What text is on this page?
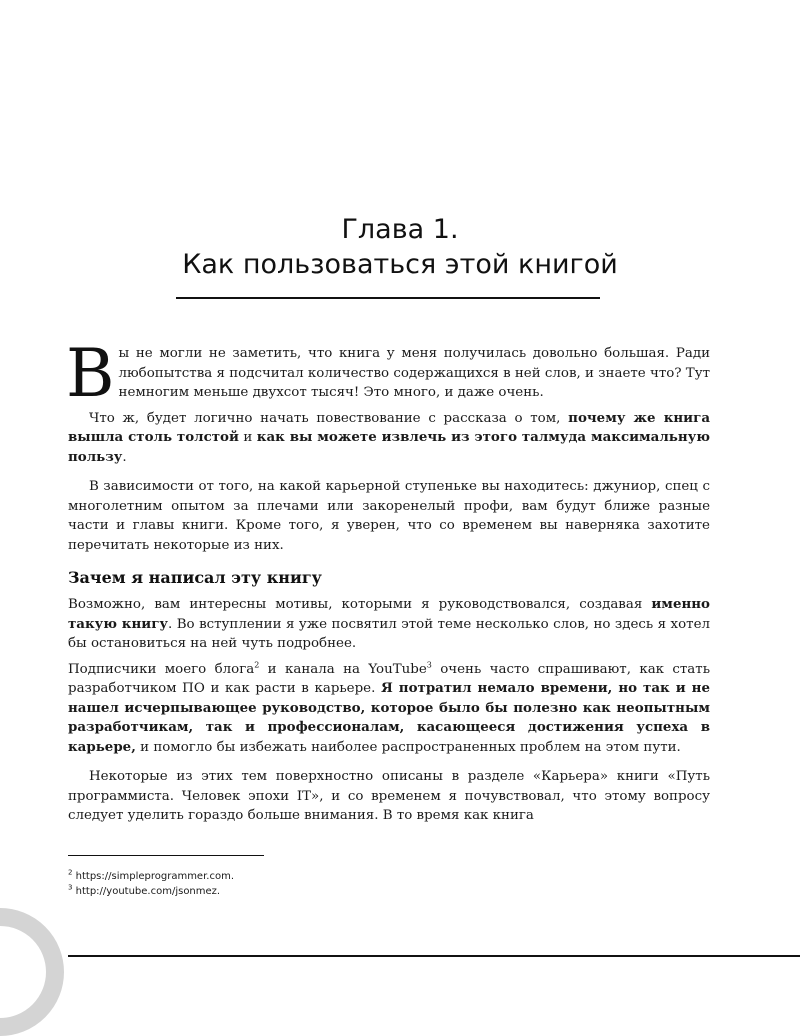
Глава 1.
Как пользоваться этой книгой

Вы не могли не заметить, что книга у меня получилась довольно большая. Ради любопытства я подсчитал количество содержащихся в ней слов, и знаете что? Тут немногим меньше двухсот тысяч! Это много, и даже очень.

Что ж, будет логично начать повествование с рассказа о том, почему же книга вышла столь толстой и как вы можете извлечь из этого талмуда максимальную пользу.

В зависимости от того, на какой карьерной ступеньке вы находитесь: джуниор, спец с многолетним опытом за плечами или закоренелый профи, вам будут ближе разные части и главы книги. Кроме того, я уверен, что со временем вы наверняка захотите перечитать некоторые из них.

Зачем я написал эту книгу

Возможно, вам интересны мотивы, которыми я руководствовался, создавая именно такую книгу. Во вступлении я уже посвятил этой теме несколько слов, но здесь я хотел бы остановиться на ней чуть подробнее.

Подписчики моего блога$^2$ и канала на YouTube$^3$ очень часто спрашивают, как стать разработчиком ПО и как расти в карьере. Я потратил немало времени, но так и не нашел исчерпывающее руководство, которое было бы полезно как неопытным разработчикам, так и профессионалам, касающееся достижения успеха в карьере, и помогло бы избежать наиболее распространенных проблем на этом пути.

Некоторые из этих тем поверхностно описаны в разделе «Карьера» книги «Путь программиста. Человек эпохи IT», и со временем я почувствовал, что этому вопросу следует уделить гораздо больше внимания. В то время как книга

$^2$ https://simpleprogrammer.com.
$^3$ http://youtube.com/jsonmez.
